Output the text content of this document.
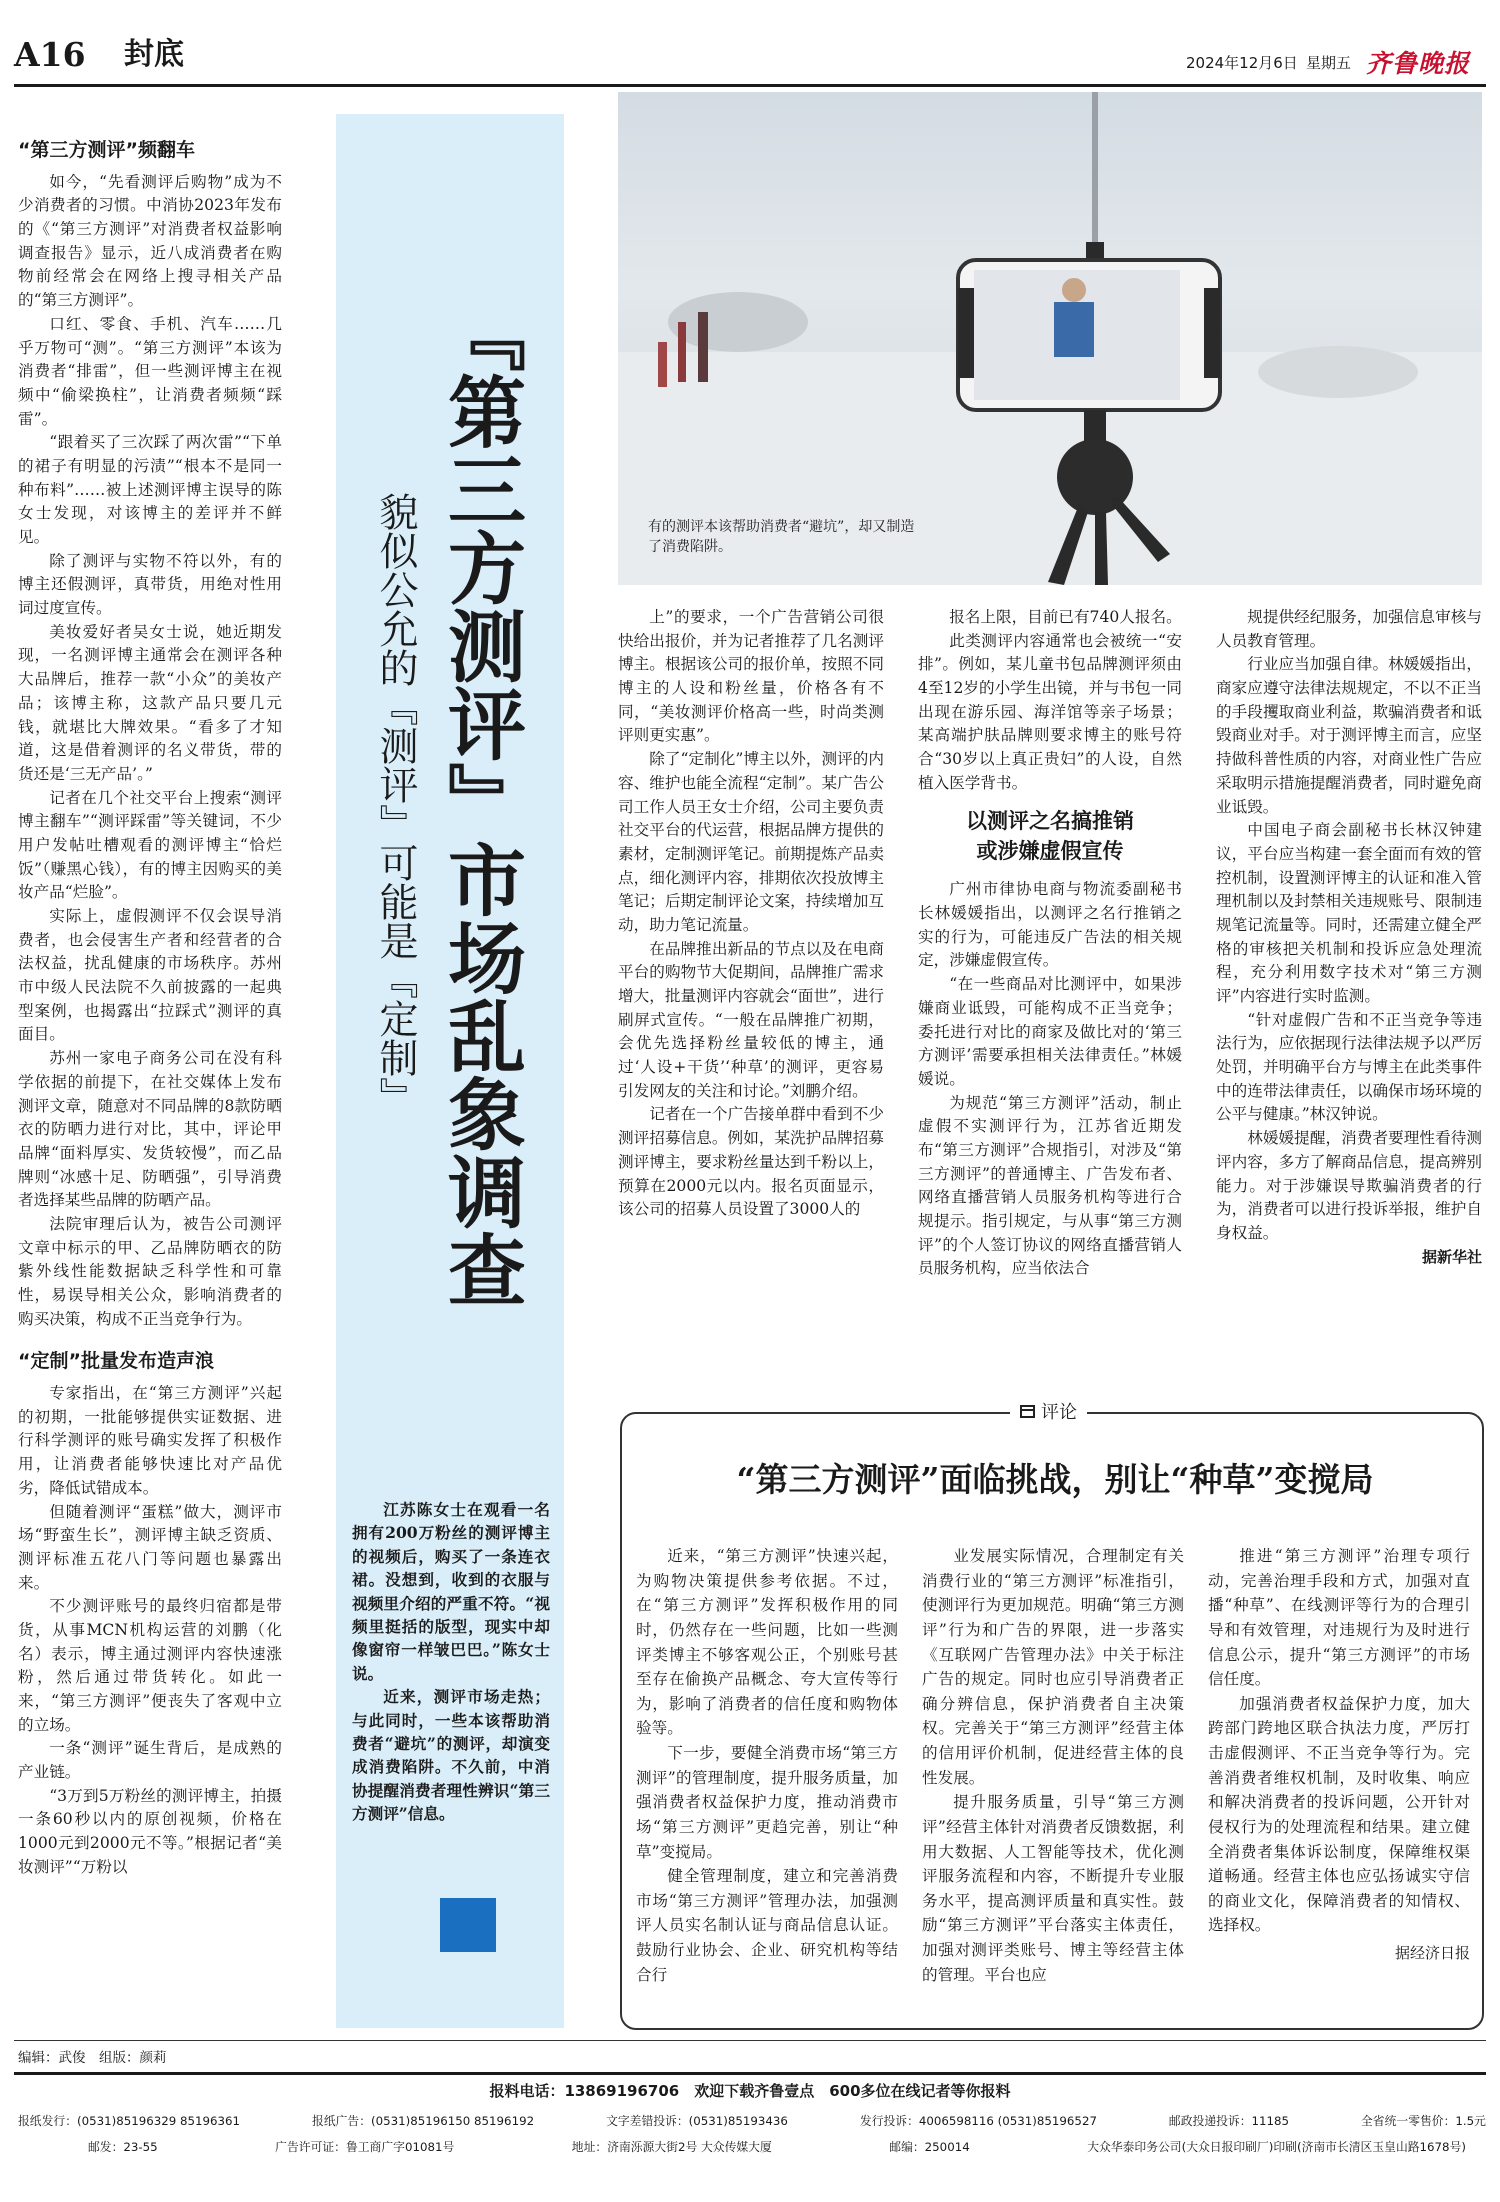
A16 封底	2024年12月6日 星期五 齐鲁晚报
“第三方测评”频翻车

如今，“先看测评后购物”成为不少消费者的习惯。中消协2023年发布的《“第三方测评”对消费者权益影响调查报告》显示，近八成消费者在购物前经常会在网络上搜寻相关产品的“第三方测评”。

口红、零食、手机、汽车……几乎万物可“测”。“第三方测评”本该为消费者“排雷”，但一些测评博主在视频中“偷梁换柱”，让消费者频频“踩雷”。

“跟着买了三次踩了两次雷”“下单的裙子有明显的污渍”“根本不是同一种布料”……被上述测评博主误导的陈女士发现，对该博主的差评并不鲜见。

除了测评与实物不符以外，有的博主还假测评，真带货，用绝对性用词过度宣传。

美妆爱好者吴女士说，她近期发现，一名测评博主通常会在测评各种大品牌后，推荐一款“小众”的美妆产品；该博主称，这款产品只要几元钱，就堪比大牌效果。“看多了才知道，这是借着测评的名义带货，带的货还是‘三无产品’。”

记者在几个社交平台上搜索“测评博主翻车”“测评踩雷”等关键词，不少用户发帖吐槽观看的测评博主“恰烂饭”（赚黑心钱），有的博主因购买的美妆产品“烂脸”。

实际上，虚假测评不仅会误导消费者，也会侵害生产者和经营者的合法权益，扰乱健康的市场秩序。苏州市中级人民法院不久前披露的一起典型案例，也揭露出“拉踩式”测评的真面目。

苏州一家电子商务公司在没有科学依据的前提下，在社交媒体上发布测评文章，随意对不同品牌的8款防晒衣的防晒力进行对比，其中，评论甲品牌“面料厚实、发货较慢”，而乙品牌则“冰感十足、防晒强”，引导消费者选择某些品牌的防晒产品。

法院审理后认为，被告公司测评文章中标示的甲、乙品牌防晒衣的防紫外线性能数据缺乏科学性和可靠性，易误导相关公众，影响消费者的购买决策，构成不正当竞争行为。

“定制”批量发布造声浪

专家指出，在“第三方测评”兴起的初期，一批能够提供实证数据、进行科学测评的账号确实发挥了积极作用，让消费者能够快速比对产品优劣，降低试错成本。

但随着测评“蛋糕”做大，测评市场“野蛮生长”，测评博主缺乏资质、测评标准五花八门等问题也暴露出来。

不少测评账号的最终归宿都是带货，从事MCN机构运营的刘鹏（化名）表示，博主通过测评内容快速涨粉，然后通过带货转化。如此一来，“第三方测评”便丧失了客观中立的立场。

一条“测评”诞生背后，是成熟的产业链。

“3万到5万粉丝的测评博主，拍摄一条60秒以内的原创视频，价格在1000元到2000元不等。”根据记者“美妆测评”“万粉以

『第三方测评』市场乱象调查
貌似公允的『测评』可能是『定制』

江苏陈女士在观看一名拥有200万粉丝的测评博主的视频后，购买了一条连衣裙。没想到，收到的衣服与视频里介绍的严重不符。“视频里挺括的版型，现实中却像窗帘一样皱巴巴。”陈女士说。

近来，测评市场走热；与此同时，一些本该帮助消费者“避坑”的测评，却演变成消费陷阱。不久前，中消协提醒消费者理性辨识“第三方测评”信息。

有的测评本该帮助消费者“避坑”，却又制造了消费陷阱。

上”的要求，一个广告营销公司很快给出报价，并为记者推荐了几名测评博主。根据该公司的报价单，按照不同博主的人设和粉丝量，价格各有不同，“美妆测评价格高一些，时尚类测评则更实惠”。

除了“定制化”博主以外，测评的内容、维护也能全流程“定制”。某广告公司工作人员王女士介绍，公司主要负责社交平台的代运营，根据品牌方提供的素材，定制测评笔记。前期提炼产品卖点，细化测评内容，排期依次投放博主笔记；后期定制评论文案，持续增加互动，助力笔记流量。

在品牌推出新品的节点以及在电商平台的购物节大促期间，品牌推广需求增大，批量测评内容就会“面世”，进行刷屏式宣传。“一般在品牌推广初期，会优先选择粉丝量较低的博主，通过‘人设+干货’‘种草’的测评，更容易引发网友的关注和讨论。”刘鹏介绍。

记者在一个广告接单群中看到不少测评招募信息。例如，某洗护品牌招募测评博主，要求粉丝量达到千粉以上，预算在2000元以内。报名页面显示，该公司的招募人员设置了3000人的

报名上限，目前已有740人报名。

此类测评内容通常也会被统一“安排”。例如，某儿童书包品牌测评须由4至12岁的小学生出镜，并与书包一同出现在游乐园、海洋馆等亲子场景；某高端护肤品牌则要求博主的账号符合“30岁以上真正贵妇”的人设，自然植入医学背书。

以测评之名搞推销
或涉嫌虚假宣传

广州市律协电商与物流委副秘书长林媛媛指出，以测评之名行推销之实的行为，可能违反广告法的相关规定，涉嫌虚假宣传。

“在一些商品对比测评中，如果涉嫌商业诋毁，可能构成不正当竞争；委托进行对比的商家及做比对的‘第三方测评’需要承担相关法律责任。”林媛媛说。

为规范“第三方测评”活动，制止虚假不实测评行为，江苏省近期发布“第三方测评”合规指引，对涉及“第三方测评”的普通博主、广告发布者、网络直播营销人员服务机构等进行合规提示。指引规定，与从事“第三方测评”的个人签订协议的网络直播营销人员服务机构，应当依法合

规提供经纪服务，加强信息审核与人员教育管理。

行业应当加强自律。林媛媛指出，商家应遵守法律法规规定，不以不正当的手段攫取商业利益，欺骗消费者和诋毁商业对手。对于测评博主而言，应坚持做科普性质的内容，对商业性广告应采取明示措施提醒消费者，同时避免商业诋毁。

中国电子商会副秘书长林汉钟建议，平台应当构建一套全面而有效的管控机制，设置测评博主的认证和准入管理机制以及封禁相关违规账号、限制违规笔记流量等。同时，还需建立健全严格的审核把关机制和投诉应急处理流程，充分利用数字技术对“第三方测评”内容进行实时监测。

“针对虚假广告和不正当竞争等违法行为，应依据现行法律法规予以严厉处罚，并明确平台方与博主在此类事件中的连带法律责任，以确保市场环境的公平与健康。”林汉钟说。

林媛媛提醒，消费者要理性看待测评内容，多方了解商品信息，提高辨别能力。对于涉嫌误导欺骗消费者的行为，消费者可以进行投诉举报，维护自身权益。

据新华社
评论
“第三方测评”面临挑战，别让“种草”变搅局

近来，“第三方测评”快速兴起，为购物决策提供参考依据。不过，在“第三方测评”发挥积极作用的同时，仍然存在一些问题，比如一些测评类博主不够客观公正，个别账号甚至存在偷换产品概念、夸大宣传等行为，影响了消费者的信任度和购物体验等。

下一步，要健全消费市场“第三方测评”的管理制度，提升服务质量，加强消费者权益保护力度，推动消费市场“第三方测评”更趋完善，别让“种草”变搅局。

健全管理制度，建立和完善消费市场“第三方测评”管理办法，加强测评人员实名制认证与商品信息认证。鼓励行业协会、企业、研究机构等结合行

业发展实际情况，合理制定有关消费行业的“第三方测评”标准指引，使测评行为更加规范。明确“第三方测评”行为和广告的界限，进一步落实《互联网广告管理办法》中关于标注广告的规定。同时也应引导消费者正确分辨信息，保护消费者自主决策权。完善关于“第三方测评”经营主体的信用评价机制，促进经营主体的良性发展。

提升服务质量，引导“第三方测评”经营主体针对消费者反馈数据，利用大数据、人工智能等技术，优化测评服务流程和内容，不断提升专业服务水平，提高测评质量和真实性。鼓励“第三方测评”平台落实主体责任，加强对测评类账号、博主等经营主体的管理。平台也应

推进“第三方测评”治理专项行动，完善治理手段和方式，加强对直播“种草”、在线测评等行为的合理引导和有效管理，对违规行为及时进行信息公示，提升“第三方测评”的市场信任度。

加强消费者权益保护力度，加大跨部门跨地区联合执法力度，严厉打击虚假测评、不正当竞争等行为。完善消费者维权机制，及时收集、响应和解决消费者的投诉问题，公开针对侵权行为的处理流程和结果。建立健全消费者集体诉讼制度，保障维权渠道畅通。经营主体也应弘扬诚实守信的商业文化，保障消费者的知情权、选择权。

据经济日报
编辑：武俊　组版：颜莉
报料电话：13869196706　欢迎下载齐鲁壹点　600多位在线记者等你报料
报纸发行：(0531)85196329 85196361	报纸广告：(0531)85196150 85196192	文字差错投诉：(0531)85193436	发行投诉：4006598116 (0531)85196527	邮政投递投诉：11185	全省统一零售价：1.5元
邮发：23-55	广告许可证：鲁工商广字01081号	地址：济南泺源大街2号 大众传媒大厦	邮编：250014	大众华泰印务公司(大众日报印刷厂)印刷(济南市长清区玉皇山路1678号)
